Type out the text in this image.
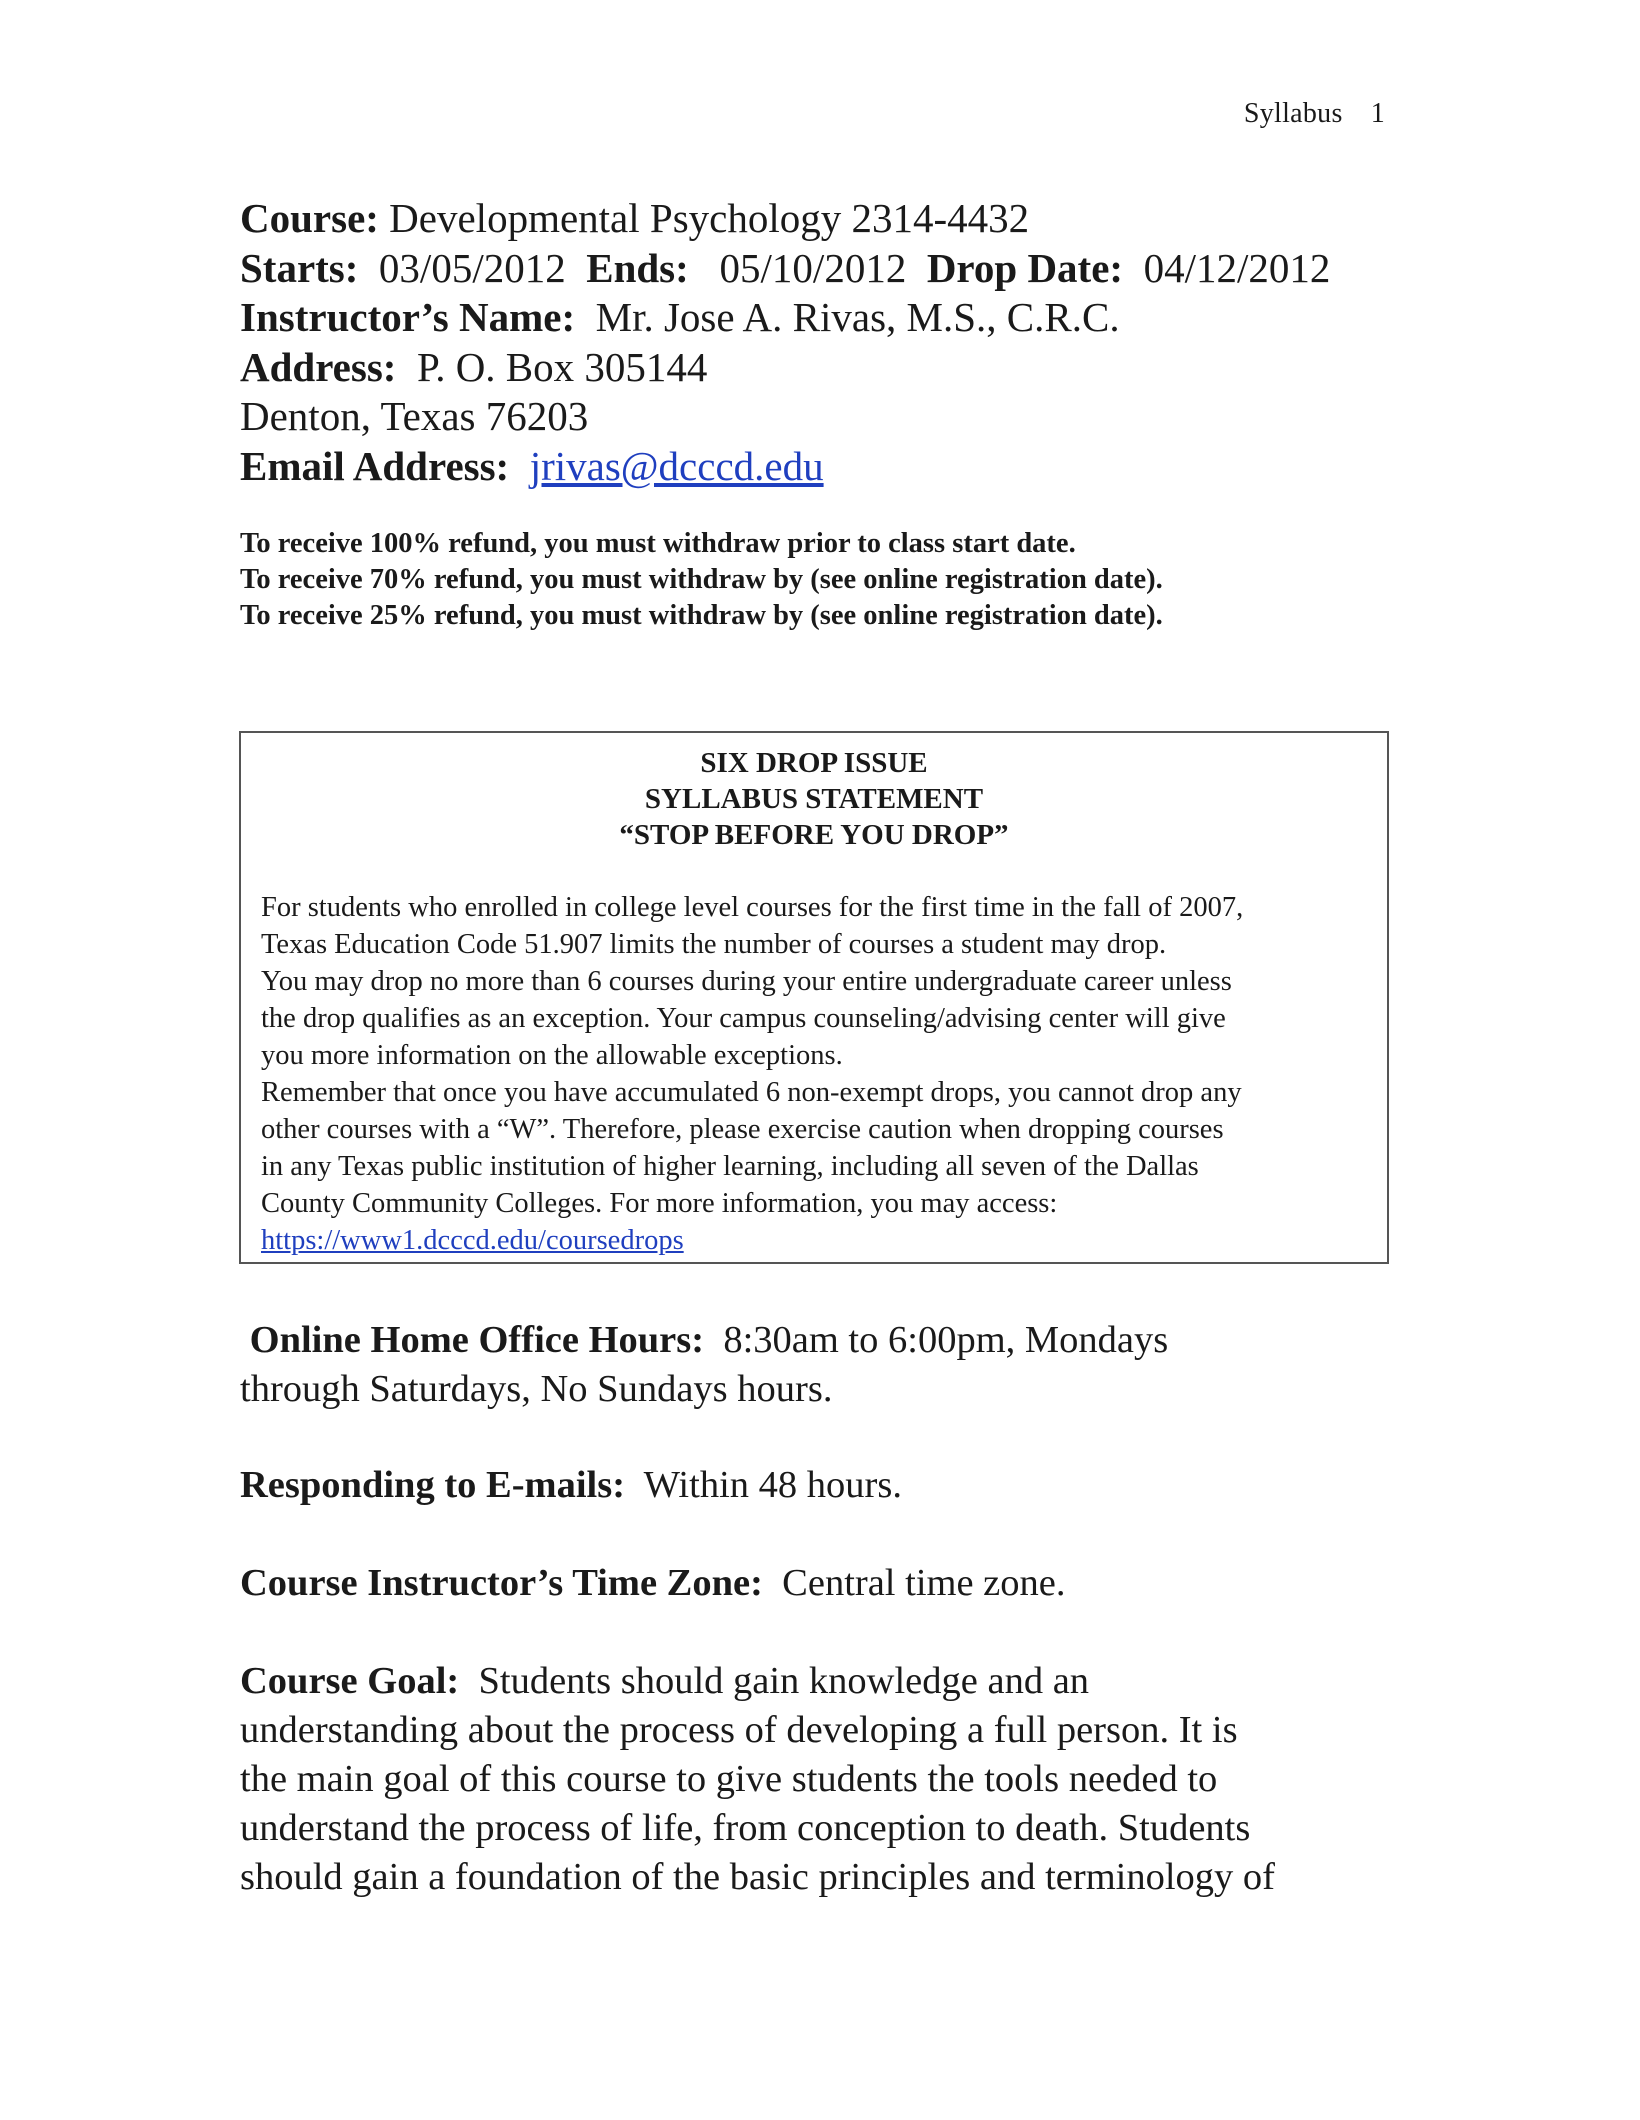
Syllabus 1
Course: Developmental Psychology 2314-4432
Starts: 03/05/2012 Ends: 05/10/2012 Drop Date: 04/12/2012
Instructor’s Name: Mr. Jose A. Rivas, M.S., C.R.C.
Address: P. O. Box 305144
Denton, Texas 76203
Email Address: jrivas@dcccd.edu
To receive 100% refund, you must withdraw prior to class start date.
To receive 70% refund, you must withdraw by (see online registration date).
To receive 25% refund, you must withdraw by (see online registration date).
SIX DROP ISSUE
SYLLABUS STATEMENT
“STOP BEFORE YOU DROP”
For students who enrolled in college level courses for the first time in the fall of 2007,
Texas Education Code 51.907 limits the number of courses a student may drop.
You may drop no more than 6 courses during your entire undergraduate career unless
the drop qualifies as an exception. Your campus counseling/advising center will give
you more information on the allowable exceptions.
Remember that once you have accumulated 6 non-exempt drops, you cannot drop any
other courses with a “W”. Therefore, please exercise caution when dropping courses
in any Texas public institution of higher learning, including all seven of the Dallas
County Community Colleges. For more information, you may access:
https://www1.dcccd.edu/coursedrops
Online Home Office Hours: 8:30am to 6:00pm, Mondays
through Saturdays, No Sundays hours.
Responding to E-mails: Within 48 hours.
Course Instructor’s Time Zone: Central time zone.
Course Goal: Students should gain knowledge and an
understanding about the process of developing a full person. It is
the main goal of this course to give students the tools needed to
understand the process of life, from conception to death. Students
should gain a foundation of the basic principles and terminology of
